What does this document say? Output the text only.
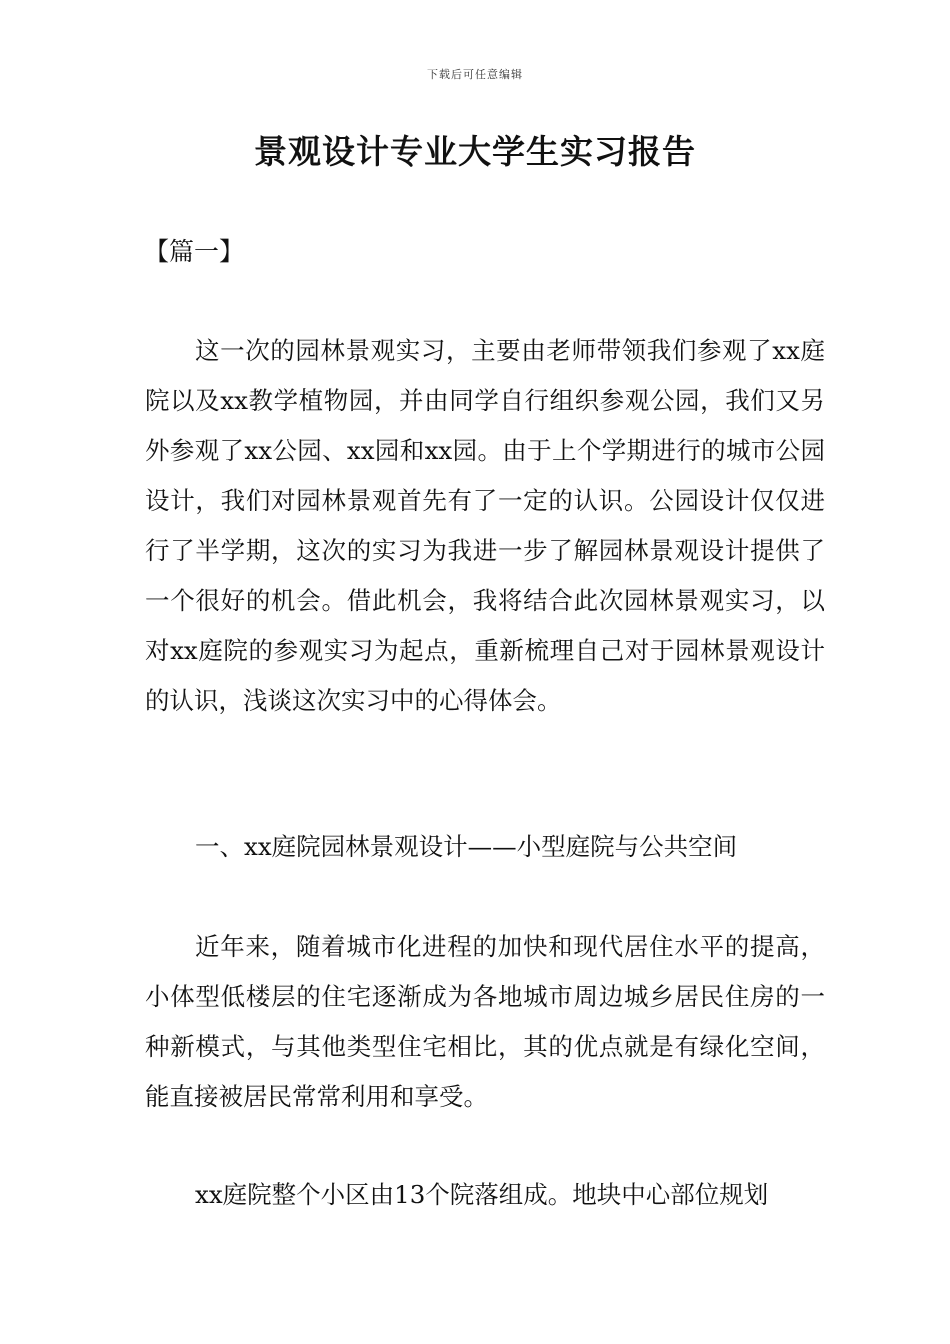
下载后可任意编辑
景观设计专业大学生实习报告
【篇一】

这一次的园林景观实习，主要由老师带领我们参观了xx庭院以及xx教学植物园，并由同学自行组织参观公园，我们又另外参观了xx公园、xx园和xx园。由于上个学期进行的城市公园设计，我们对园林景观首先有了一定的认识。公园设计仅仅进行了半学期，这次的实习为我进一步了解园林景观设计提供了一个很好的机会。借此机会，我将结合此次园林景观实习，以对xx庭院的参观实习为起点，重新梳理自己对于园林景观设计的认识，浅谈这次实习中的心得体会。

一、xx庭院园林景观设计——小型庭院与公共空间

近年来，随着城市化进程的加快和现代居住水平的提高，小体型低楼层的住宅逐渐成为各地城市周边城乡居民住房的一种新模式，与其他类型住宅相比，其的优点就是有绿化空间，能直接被居民常常利用和享受。

xx庭院整个小区由13个院落组成。地块中心部位规划
